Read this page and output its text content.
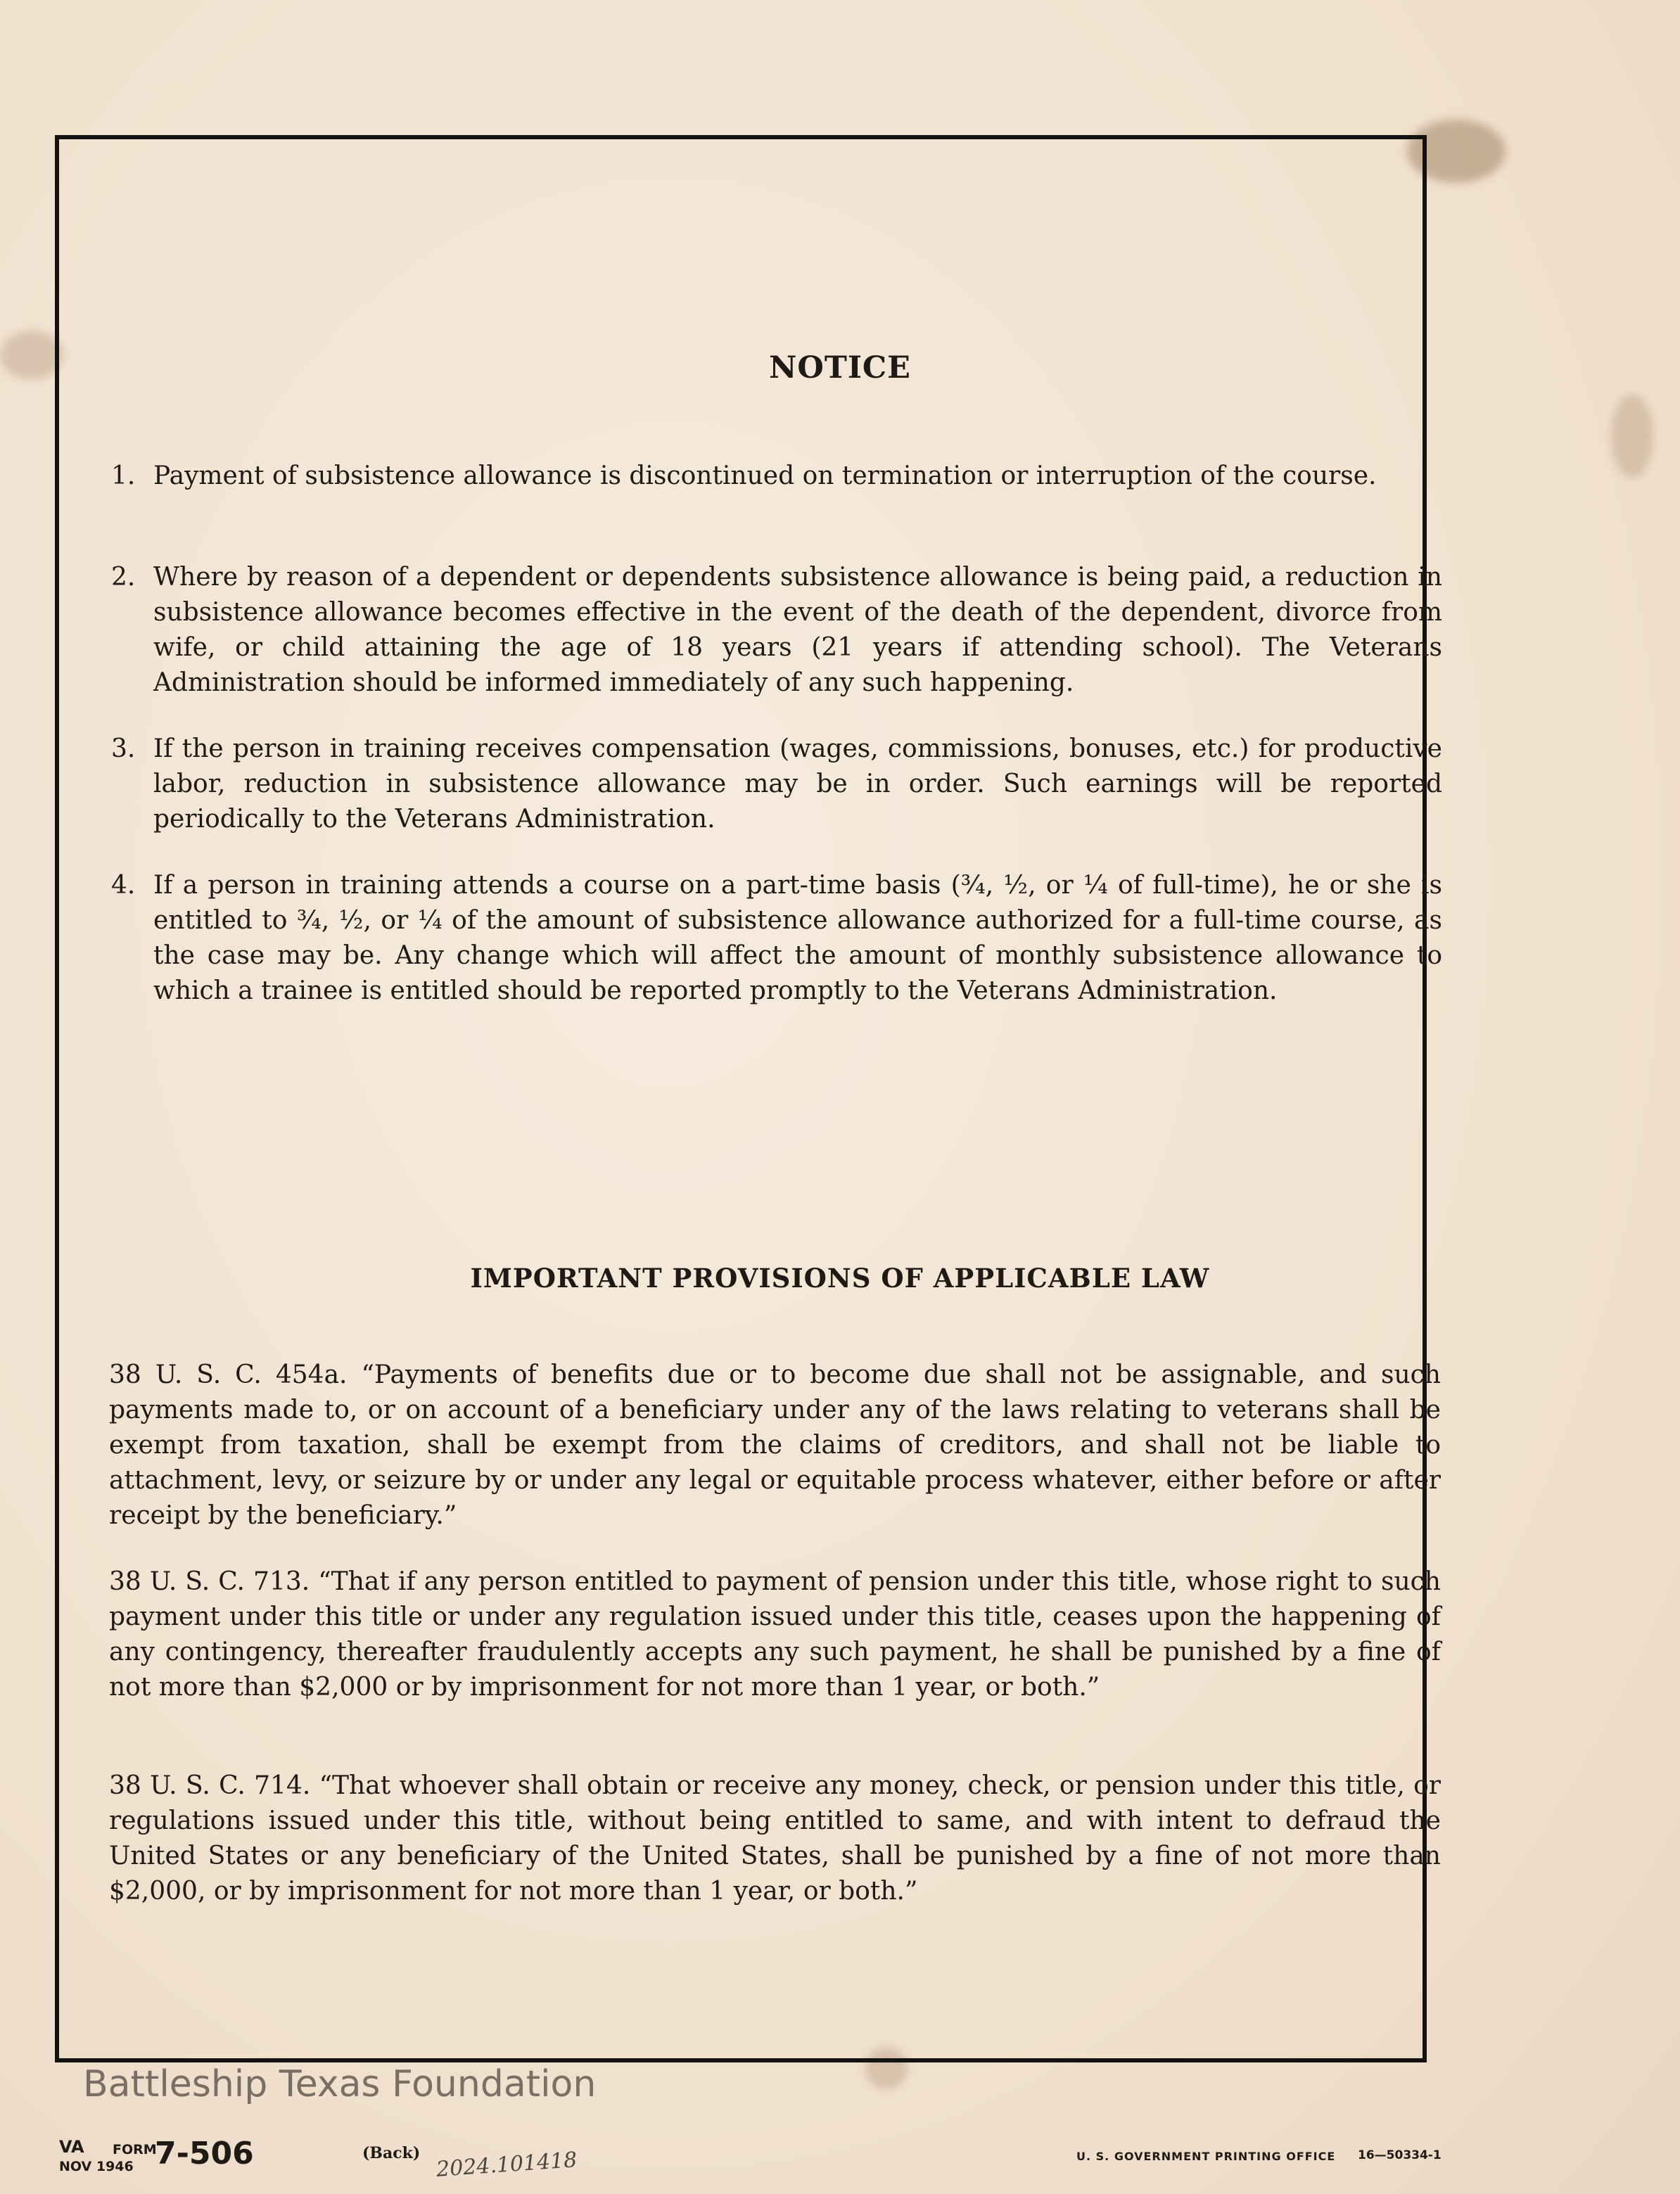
NOTICE
1. Payment of subsistence allowance is discontinued on termination or interruption of the course.
2. Where by reason of a dependent or dependents subsistence allowance is being paid, a reduction in subsistence allowance becomes effective in the event of the death of the dependent, divorce from wife, or child attaining the age of 18 years (21 years if attending school). The Veterans Administration should be informed immediately of any such happening.
3. If the person in training receives compensation (wages, commissions, bonuses, etc.) for productive labor, reduction in subsistence allowance may be in order. Such earnings will be reported periodically to the Veterans Administration.
4. If a person in training attends a course on a part-time basis (¾, ½, or ¼ of full-time), he or she is entitled to ¾, ½, or ¼ of the amount of subsistence allowance authorized for a full-time course, as the case may be. Any change which will affect the amount of monthly subsistence allowance to which a trainee is entitled should be reported promptly to the Veterans Administration.
IMPORTANT PROVISIONS OF APPLICABLE LAW
38 U. S. C. 454a. “Payments of benefits due or to become due shall not be assignable, and such payments made to, or on account of a beneficiary under any of the laws relating to veterans shall be exempt from taxation, shall be exempt from the claims of creditors, and shall not be liable to attachment, levy, or seizure by or under any legal or equitable process whatever, either before or after receipt by the beneficiary.”
38 U. S. C. 713. “That if any person entitled to payment of pension under this title, whose right to such payment under this title or under any regulation issued under this title, ceases upon the happening of any contingency, thereafter fraudulently accepts any such payment, he shall be punished by a fine of not more than $2,000 or by imprisonment for not more than 1 year, or both.”
38 U. S. C. 714. “That whoever shall obtain or receive any money, check, or pension under this title, or regulations issued under this title, without being entitled to same, and with intent to defraud the United States or any beneficiary of the United States, shall be punished by a fine of not more than $2,000, or by imprisonment for not more than 1 year, or both.”
Battleship Texas Foundation
VA FORM
NOV 1946 7-506	(Back) 2024.101418	U. S. GOVERNMENT PRINTING OFFICE 16—50334-1
